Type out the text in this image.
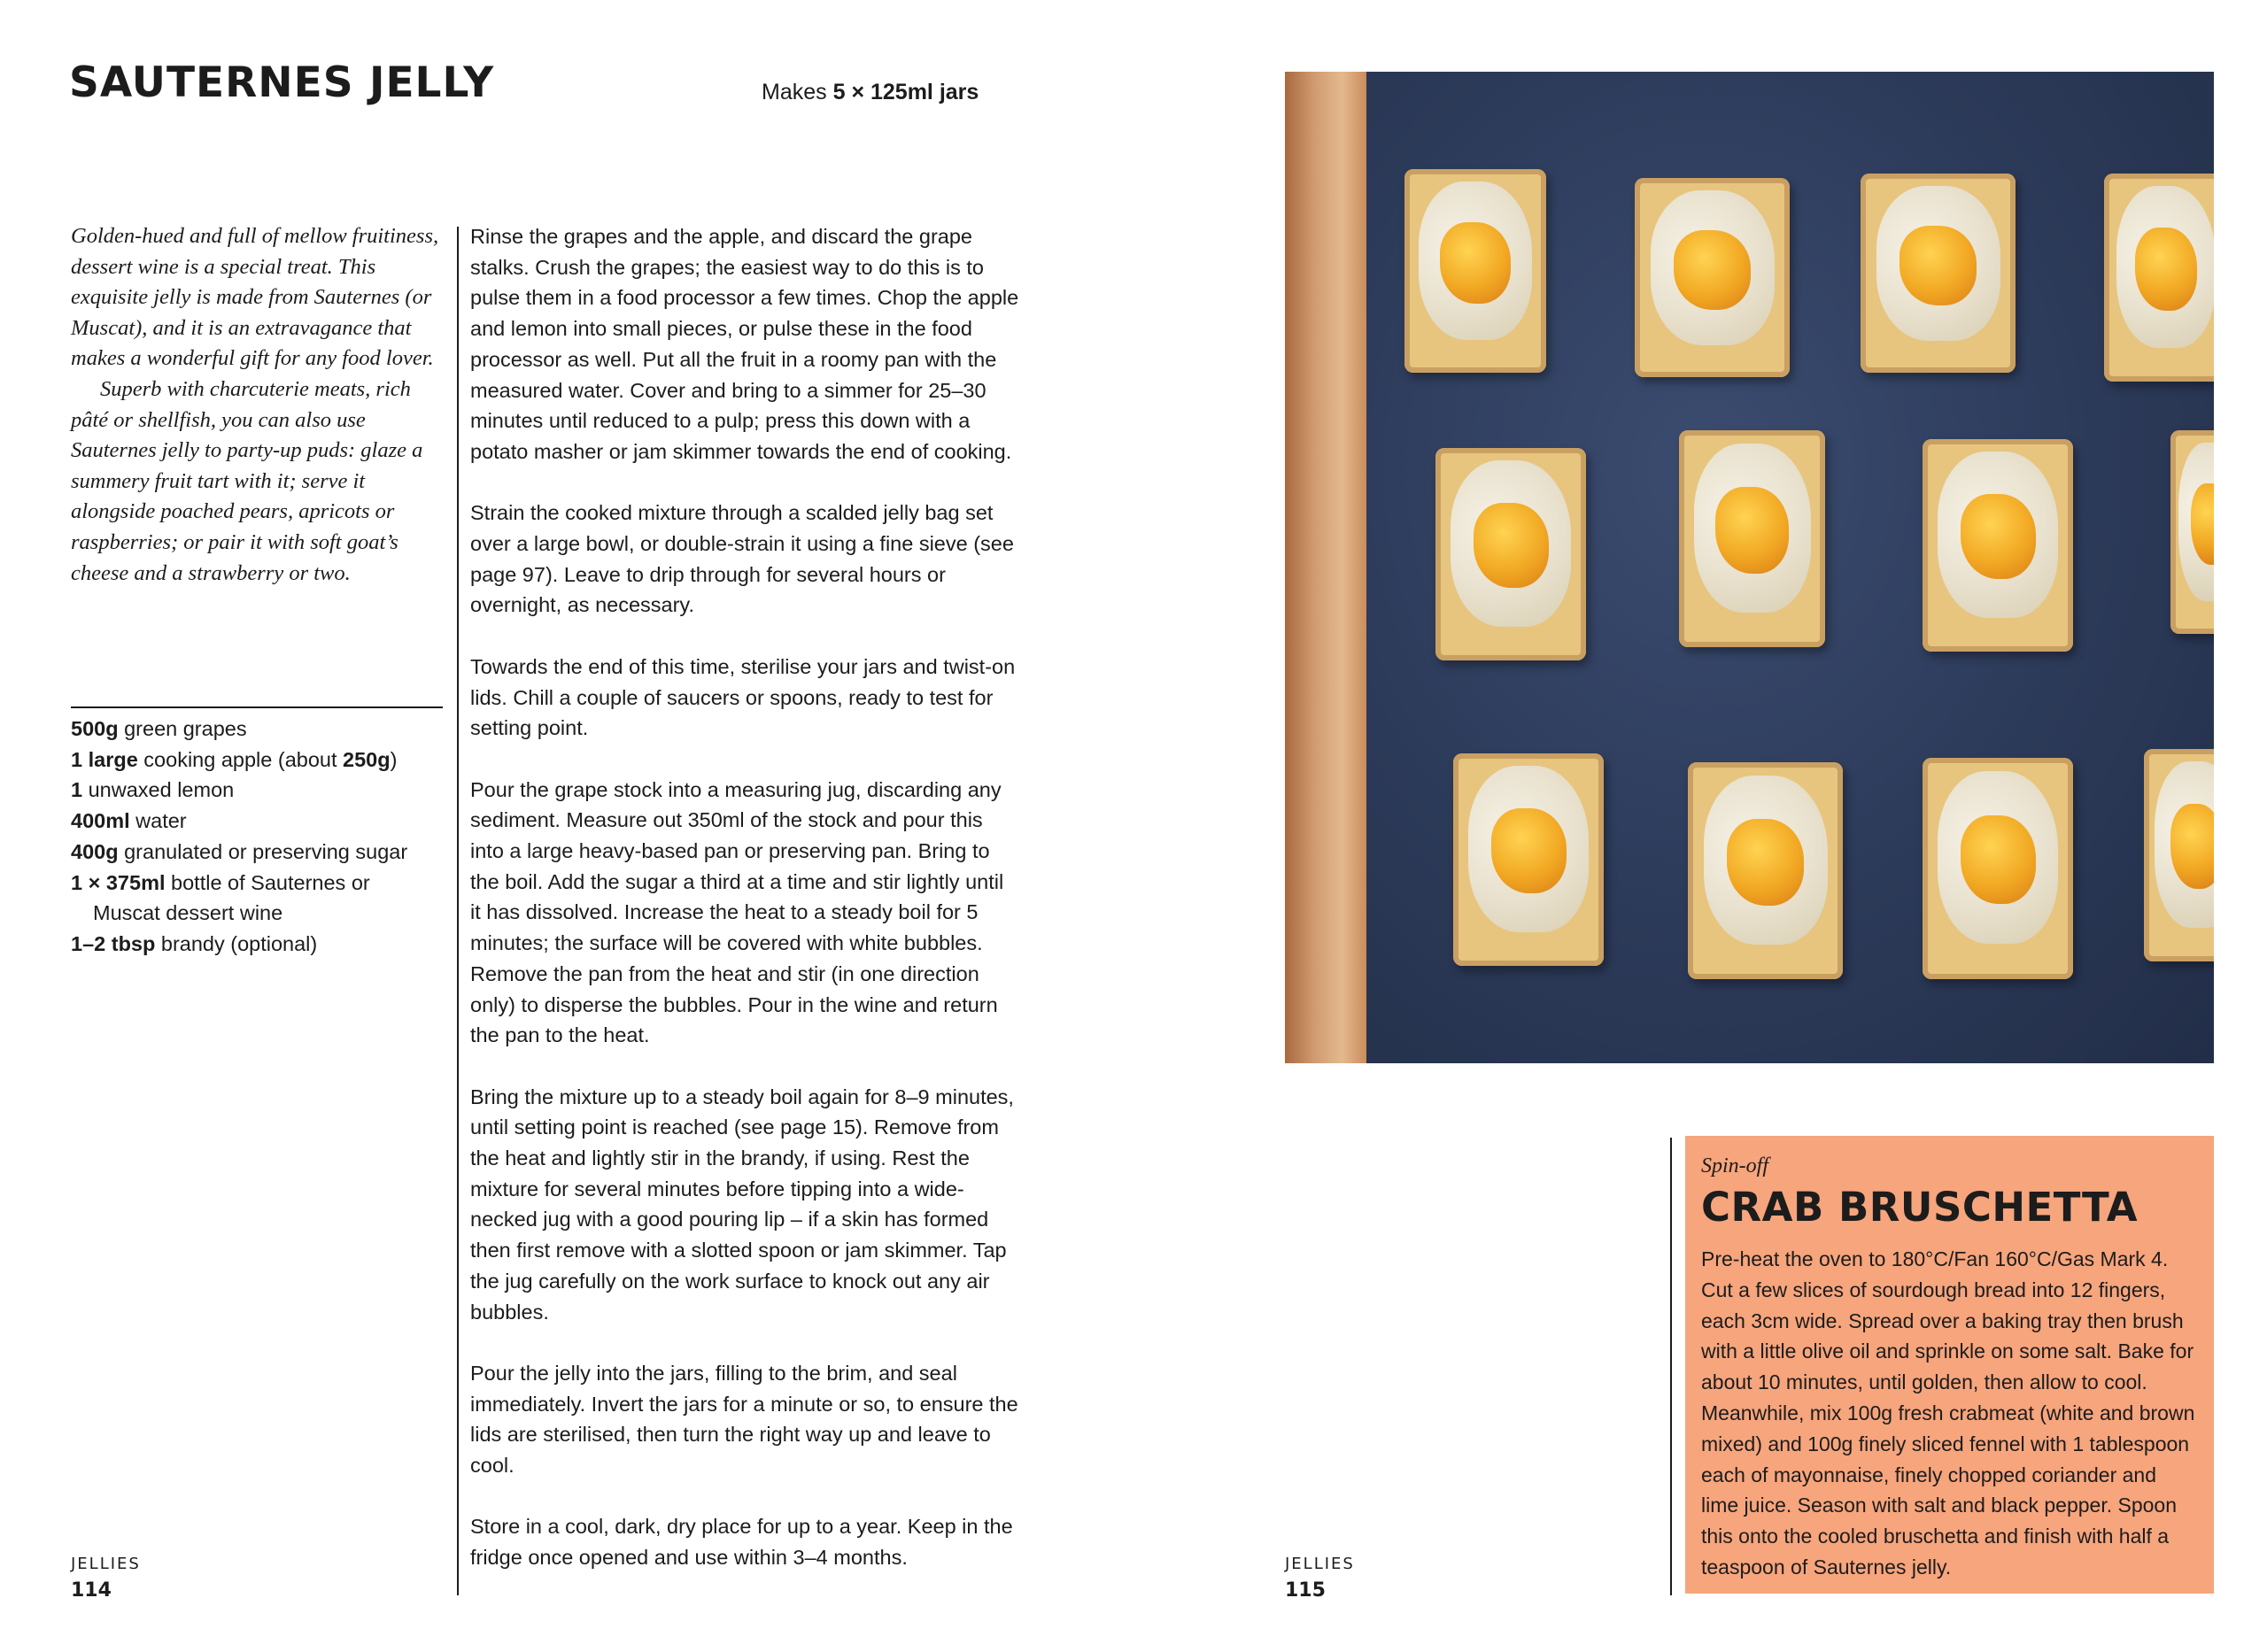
SAUTERNES JELLY	Makes 5 × 125ml jars

Golden-hued and full of mellow fruitiness, dessert wine is a special treat. This exquisite jelly is made from Sauternes (or Muscat), and it is an extravagance that makes a wonderful gift for any food lover.

Superb with charcuterie meats, rich pâté or shellfish, you can also use Sauternes jelly to party-up puds: glaze a summery fruit tart with it; serve it alongside poached pears, apricots or raspberries; or pair it with soft goat’s cheese and a strawberry or two.

500g green grapes
1 large cooking apple (about 250g)
1 unwaxed lemon
400ml water
400g granulated or preserving sugar
1 × 375ml bottle of Sauternes or
Muscat dessert wine
1–2 tbsp brandy (optional)

Rinse the grapes and the apple, and discard the grape stalks. Crush the grapes; the easiest way to do this is to pulse them in a food processor a few times. Chop the apple and lemon into small pieces, or pulse these in the food processor as well. Put all the fruit in a roomy pan with the measured water. Cover and bring to a simmer for 25–30 minutes until reduced to a pulp; press this down with a potato masher or jam skimmer towards the end of cooking.

Strain the cooked mixture through a scalded jelly bag set over a large bowl, or double-strain it using a fine sieve (see page 97). Leave to drip through for several hours or overnight, as necessary.

Towards the end of this time, sterilise your jars and twist-on lids. Chill a couple of saucers or spoons, ready to test for setting point.

Pour the grape stock into a measuring jug, discarding any sediment. Measure out 350ml of the stock and pour this into a large heavy-based pan or preserving pan. Bring to the boil. Add the sugar a third at a time and stir lightly until it has dissolved. Increase the heat to a steady boil for 5 minutes; the surface will be covered with white bubbles. Remove the pan from the heat and stir (in one direction only) to disperse the bubbles. Pour in the wine and return the pan to the heat.

Bring the mixture up to a steady boil again for 8–9 minutes, until setting point is reached (see page 15). Remove from the heat and lightly stir in the brandy, if using. Rest the mixture for several minutes before tipping into a wide-necked jug with a good pouring lip – if a skin has formed then first remove with a slotted spoon or jam skimmer. Tap the jug carefully on the work surface to knock out any air bubbles.

Pour the jelly into the jars, filling to the brim, and seal immediately. Invert the jars for a minute or so, to ensure the lids are sterilised, then turn the right way up and leave to cool.

Store in a cool, dark, dry place for up to a year. Keep in the fridge once opened and use within 3–4 months.

JELLIES
114

Spin-off

CRAB BRUSCHETTA

Pre-heat the oven to 180°C/Fan 160°C/Gas Mark 4. Cut a few slices of sourdough bread into 12 fingers, each 3cm wide. Spread over a baking tray then brush with a little olive oil and sprinkle on some salt. Bake for about 10 minutes, until golden, then allow to cool. Meanwhile, mix 100g fresh crabmeat (white and brown mixed) and 100g finely sliced fennel with 1 tablespoon each of mayonnaise, finely chopped coriander and lime juice. Season with salt and black pepper. Spoon this onto the cooled bruschetta and finish with half a teaspoon of Sauternes jelly.

JELLIES
115
